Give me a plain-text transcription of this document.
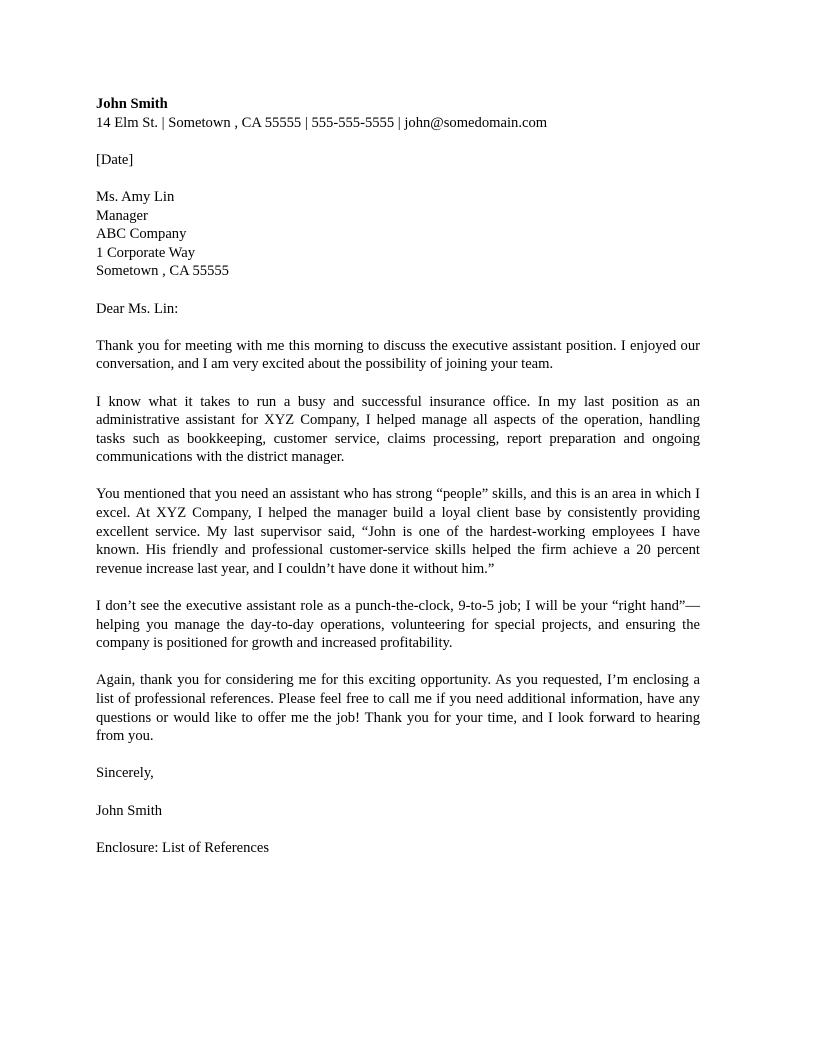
John Smith
14 Elm St. | Sometown , CA 55555 | 555-555-5555 | john@somedomain.com
[Date]
Ms. Amy Lin
Manager
ABC Company
1 Corporate Way
Sometown , CA 55555
Dear Ms. Lin:

Thank you for meeting with me this morning to discuss the executive assistant position. I enjoyed our conversation, and I am very excited about the possibility of joining your team.

I know what it takes to run a busy and successful insurance office. In my last position as an administrative assistant for XYZ Company, I helped manage all aspects of the operation, handling tasks such as bookkeeping, customer service, claims processing, report preparation and ongoing communications with the district manager.

You mentioned that you need an assistant who has strong “people” skills, and this is an area in which I excel. At XYZ Company, I helped the manager build a loyal client base by consistently providing excellent service. My last supervisor said, “John is one of the hardest-working employees I have known. His friendly and professional customer-service skills helped the firm achieve a 20 percent revenue increase last year, and I couldn’t have done it without him.”

I don’t see the executive assistant role as a punch-the-clock, 9-to-5 job; I will be your “right hand”—helping you manage the day-to-day operations, volunteering for special projects, and ensuring the company is positioned for growth and increased profitability.

Again, thank you for considering me for this exciting opportunity. As you requested, I’m enclosing a list of professional references. Please feel free to call me if you need additional information, have any questions or would like to offer me the job! Thank you for your time, and I look forward to hearing from you.

Sincerely,
John Smith
Enclosure: List of References
